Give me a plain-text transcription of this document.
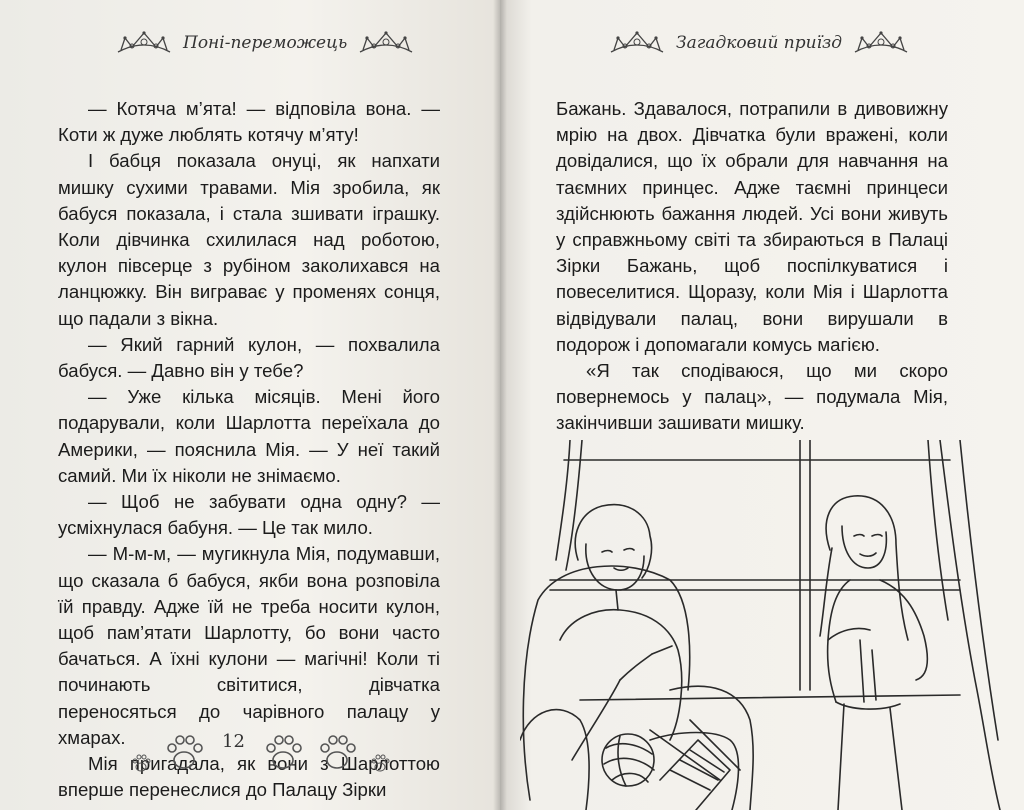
Поні-переможець

— Котяча м’ята! — відповіла вона. — Коти ж дуже люблять котячу м’яту!

І бабця показала онуці, як напхати мишку сухими травами. Мія зробила, як бабуся показала, і стала зшивати іграшку. Коли дівчинка схилилася над роботою, кулон півсерце з рубіном заколихався на ланцюжку. Він виграває у променях сонця, що падали з вікна.

— Який гарний кулон, — похвалила бабуся. — Давно він у тебе?

— Уже кілька місяців. Мені його подарували, коли Шарлотта переїхала до Америки, — пояснила Мія. — У неї такий самий. Ми їх ніколи не знімаємо.

— Щоб не забувати одна одну? — усміхнулася бабуня. — Це так мило.

— М-м-м, — мугикнула Мія, подумавши, що сказала б бабуся, якби вона розповіла їй правду. Адже їй не треба носити кулон, щоб пам’ятати Шарлотту, бо вони часто бачаться. А їхні кулони — магічні! Коли ті починають світитися, дівчатка переносяться до чарівного палацу у хмарах.

Мія пригадала, як вони з Шарлоттою вперше перенеслися до Палацу Зірки

12
Загадковий приїзд

Бажань. Здавалося, потрапили в дивовижну мрію на двох. Дівчатка були вражені, коли довідалися, що їх обрали для навчання на таємних принцес. Адже таємні принцеси здійснюють бажання людей. Усі вони живуть у справжньому світі та збираються в Палаці Зірки Бажань, щоб поспілкуватися і повеселитися. Щоразу, коли Мія і Шарлотта відвідували палац, вони вирушали в подорож і допомагали комусь магією.

«Я так сподіваюся, що ми скоро повернемось у палац», — подумала Мія, закінчивши зашивати мишку.
